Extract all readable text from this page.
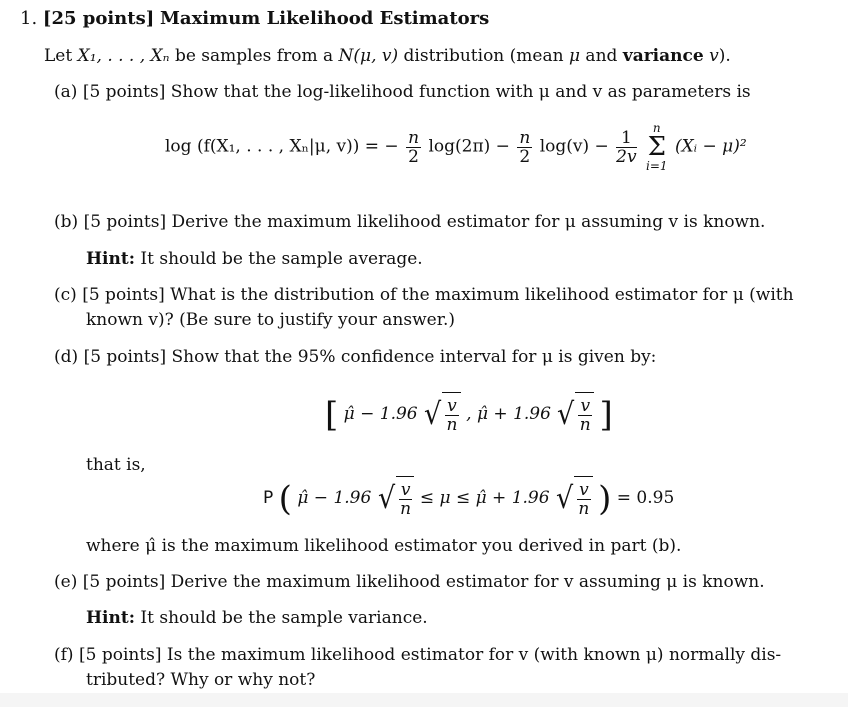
1. [25 points] Maximum Likelihood Estimators
Let X₁, . . . , Xₙ be samples from a N(μ, v) distribution (mean μ and variance v).
(a) [5 points] Show that the log-likelihood function with μ and v as parameters is
log (f(X₁, . . . , Xₙ|μ, v)) = − $\frac{n}{2} \log(2\pi) - \frac{n}{2} \log(v) - \frac{1}{2v}$

n
Σ
i=1
(Xᵢ − μ)²
(b) [5 points] Derive the maximum likelihood estimator for μ assuming v is known.
Hint: It should be the sample average.
(c) [5 points] What is the distribution of the maximum likelihood estimator for μ (with
known v)? (Be sure to justify your answer.)
(d) [5 points] Show that the 95% confidence interval for μ is given by:
[ μ̂ − 1.96 √ $\frac{v}{n}$ , μ̂ + 1.96 √ $\frac{v}{n}$ ]
that is,
P ( μ̂ − 1.96 √ $\frac{v}{n} \le \mu$ ≤ μ̂ + 1.96 √ $\frac{v}{n}$ ) = 0.95
where μ̂ is the maximum likelihood estimator you derived in part (b).
(e) [5 points] Derive the maximum likelihood estimator for v assuming μ is known.
Hint: It should be the sample variance.
(f) [5 points] Is the maximum likelihood estimator for v (with known μ) normally dis-
tributed? Why or why not?
